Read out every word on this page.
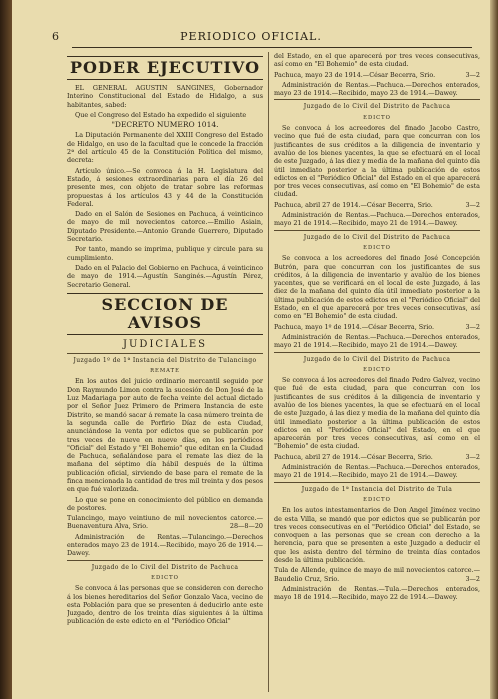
6	PERIODICO OFICIAL.
PODER EJECUTIVO

EL GENERAL AGUSTIN SANGINES, Gobernador Interino Constitucional del Estado de Hidalgo, a sus habitantes, sabed:

Que el Congreso del Estado ha expedido el siguiente

"DECRETO NUMERO 1014.

La Diputación Permanente del XXIII Congreso del Estado de Hidalgo, en uso de la facultad que le concede la fracción 2ª del artículo 45 de la Constitución Política del mismo, decreta:

Artículo único.—Se convoca á la H. Legislatura del Estado, á sesiones extraordinarias para el día 26 del presente mes, con objeto de tratar sobre las reformas propuestas á los artículos 43 y 44 de la Constitución Federal.

Dado en el Salón de Sesiones en Pachuca, á veinticinco de mayo de mil novecientos catorce.—Emilio Asiain, Diputado Presidente.—Antonio Grande Guerrero, Diputado Secretario.

Por tanto, mando se imprima, publique y circule para su cumplimiento.

Dado en el Palacio del Gobierno en Pachuca, á veinticinco de mayo de 1914.—Agustín Sanginés.—Agustín Pérez, Secretario General.

SECCION DE AVISOS
JUDICIALES

Juzgado 1º de 1ª Instancia del Distrito de Tulancingo

REMATE

En los autos del juicio ordinario mercantil seguido por Don Raymundo Limon contra la sucesión de Don José de la Luz Madariaga por auto de fecha veinte del actual dictado por el Señor Juez Primero de Primera Instancia de este Distrito, se mandó sacar á remate la casa número treinta de la segunda calle de Porfirio Díaz de esta Ciudad, anunciándose la venta por edictos que se publicarán por tres veces de nueve en nueve días, en los periódicos "Oficial" del Estado y "El Bohemio" que editan en la Ciudad de Pachuca, señalándose para el remate las diez de la mañana del séptimo día hábil después de la última publicación oficial, sirviendo de base para el remate de la finca mencionada la cantidad de tres mil treinta y dos pesos en que fué valorizada.

Lo que se pone en conocimiento del público en demanda de postores.

Tulancingo, mayo veintiuno de mil novecientos catorce.—Buenaventura Alva, Srio.	28—8—20

Administración de Rentas.—Tulancingo.—Derechos enterados mayo 23 de 1914.—Recibido, mayo 26 de 1914.—Dawey.

Juzgado de lo Civil del Distrito de Pachuca

EDICTO

Se convoca á las personas que se consideren con derecho á los bienes hereditarios del Señor Gonzalo Vaca, vecino de esta Población para que se presenten á deducirlo ante este Juzgado, dentro de los treinta días siguientes á la última publicación de este edicto en el "Periódico Oficial"

del Estado, en el que aparecerá por tres veces consecutivas, así como en "El Bohemio" de esta ciudad.

Pachuca, mayo 23 de 1914.—César Becerra, Srio.	3—2

Administración de Rentas.—Pachuca.—Derechos enterados, mayo 23 de 1914.—Recibido, mayo 23 de 1914.—Dawey.

Juzgado de lo Civil del Distrito de Pachuca

EDICTO

Se convoca á los acreedores del finado Jacobo Castro, vecino que fué de esta ciudad, para que concurran con los justificantes de sus créditos a la diligencia de inventario y avalúo de los bienes yacentes, la que se efectuará en el local de este Juzgado, á las diez y media de la mañana del quinto día útil inmediato posterior a la última publicación de estos edictos en el "Periódico Oficial" del Estado en el que aparecerá por tres veces consecutivas, así como en "El Bohemio" de esta ciudad.

Pachuca, abril 27 de 1914.—César Becerra, Srio.	3—2

Administración de Rentas.—Pachuca.—Derechos enterados, mayo 21 de 1914.—Recibido, mayo 21 de 1914.—Dawey.

Juzgado de lo Civil del Distrito de Pachuca

EDICTO

Se convoca a los acreedores del finado José Concepción Butrón, para que concurran con los justificantes de sus créditos, á la diligencia de inventario y avalúo de los bienes yacentes, que se verificará en el local de este Juzgado, á las diez de la mañana del quinto día útil inmediato posterior a la última publicación de estos edictos en el "Periódico Oficial" del Estado, en el que aparecerá por tres veces consecutivas, así como en "El Bohemio" de esta ciudad.

Pachuca, mayo 1º de 1914.—César Becerra, Srio.	3—2

Administración de Rentas.—Pachuca.—Derechos enterados, mayo 21 de 1914.—Recibido, mayo 21 de 1914.—Dawey.

Juzgado de lo Civil del Distrito de Pachuca

EDICTO

Se convoca á los acreedores del finado Pedro Galvez, vecino que fué de esta ciudad, para que concurran con los justificantes de sus créditos á la diligencia de inventario y avalúo de los bienes yacentes, la que se efectuará en el local de este Juzgado, á las diez y media de la mañana del quinto día útil inmediato posterior a la última publicación de estos edictos en el "Periódico Oficial" del Estado, en el que aparecerán por tres veces consecutivas, así como en el "Bohemio" de esta ciudad.

Pachuca, abril 27 de 1914.—César Becerra, Srio.	3—2

Administración de Rentas.—Pachuca.—Derechos enterados, mayo 21 de 1914.—Recibido, mayo 21 de 1914.—Dawey.

Juzgado de 1ª Instancia del Distrito de Tula

EDICTO

En los autos intestamentarios de Don Angel Jiménez vecino de esta Villa, se mandó que por edictos que se publicarán por tres veces consecutivas en el "Periódico Oficial" del Estado, se convoquen a las personas que se crean con derecho a la herencia, para que se presenten a este Juzgado a deducir el que les asista dentro del término de treinta días contados desde la última publicación.

Tula de Allende, quince de mayo de mil novecientos catorce.—Baudelio Cruz, Srio.	3—2

Administración de Rentas.—Tula.—Derechos enterados, mayo 18 de 1914.—Recibido, mayo 22 de 1914.—Dawey.
